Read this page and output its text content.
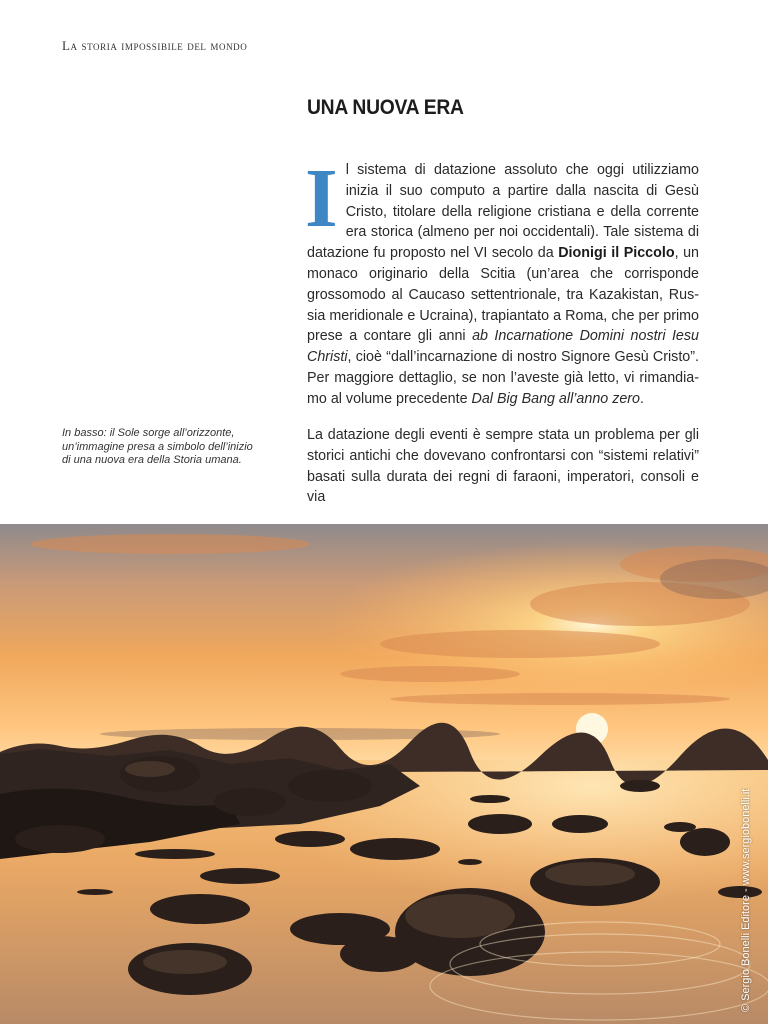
La storia impossibile del mondo
UNA NUOVA ERA

Il sistema di datazione assoluto che oggi utilizziamo inizia il suo computo a partire dalla nascita di Gesù Cristo, titolare della religione cristiana e della corrente era storica (almeno per noi occidentali). Tale sistema di datazione fu proposto nel VI secolo da Dionigi il Piccolo, un monaco originario della Scitia (un’area che corrisponde grossomodo al Caucaso settentrionale, tra Kazakistan, Russia meridionale e Ucraina), trapiantato a Roma, che per primo prese a contare gli anni ab Incarnatione Domini nostri Iesu Christi, cioè “dall’incarnazione di nostro Signore Gesù Cristo”. Per maggiore dettaglio, se non l’aveste già letto, vi rimandiamo al volume precedente Dal Big Bang all’anno zero.

La datazione degli eventi è sempre stata un problema per gli storici antichi che dovevano confrontarsi con “sistemi relativi” basati sulla durata dei regni di faraoni, imperatori, consoli e via

In basso: il Sole sorge all’orizzonte, un’immagine presa a simbolo dell’inizio di una nuova era della Storia umana.
© Sergio Bonelli Editore - www.sergiobonelli.it
